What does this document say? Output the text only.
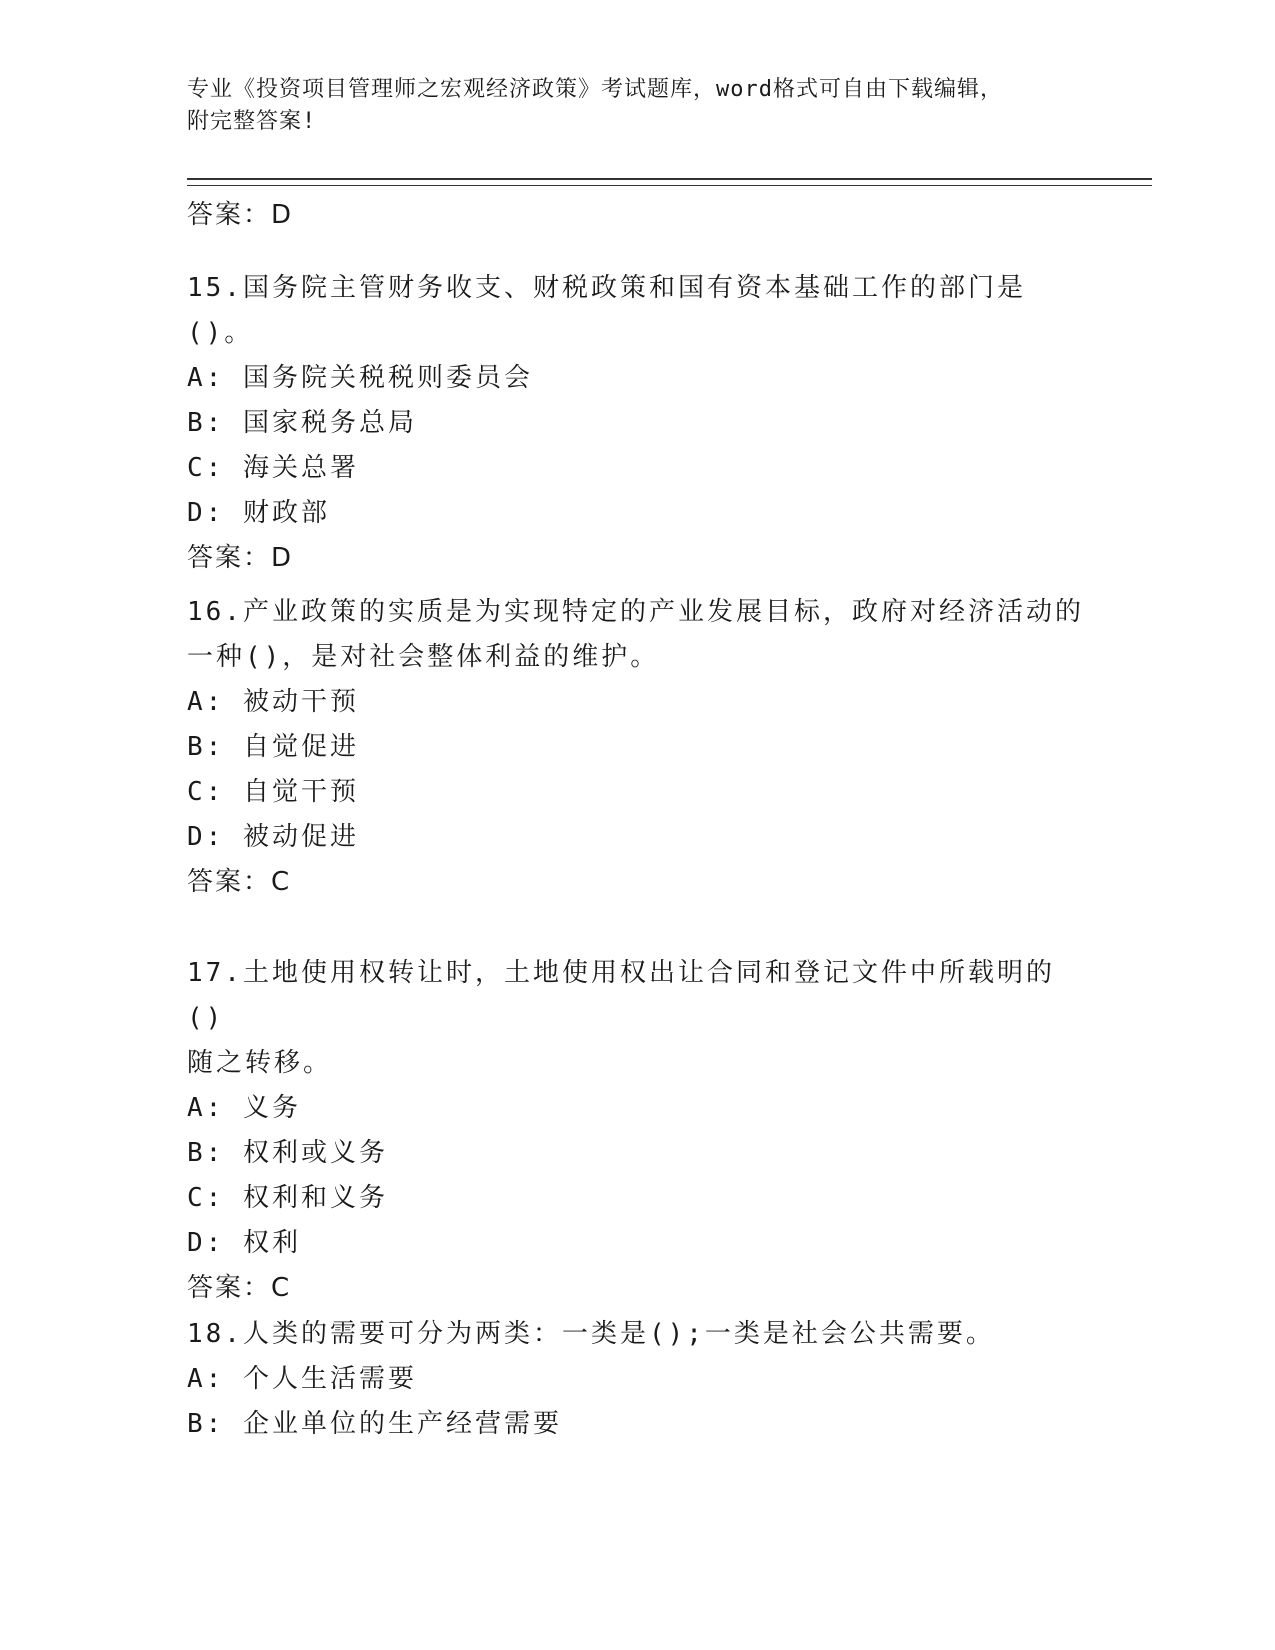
专业《投资项目管理师之宏观经济政策》考试题库，word格式可自由下载编辑，
附完整答案!
答案：D

15.国务院主管财务收支、财税政策和国有资本基础工作的部门是()。

A: 国务院关税税则委员会

B: 国家税务总局

C: 海关总署

D: 财政部

答案：D

16.产业政策的实质是为实现特定的产业发展目标，政府对经济活动的

一种()，是对社会整体利益的维护。

A: 被动干预

B: 自觉促进

C: 自觉干预

D: 被动促进

答案：C

17.土地使用权转让时，土地使用权出让合同和登记文件中所载明的()

随之转移。

A: 义务

B: 权利或义务

C: 权利和义务

D: 权利

答案：C

18.人类的需要可分为两类：一类是();一类是社会公共需要。

A: 个人生活需要

B: 企业单位的生产经营需要
